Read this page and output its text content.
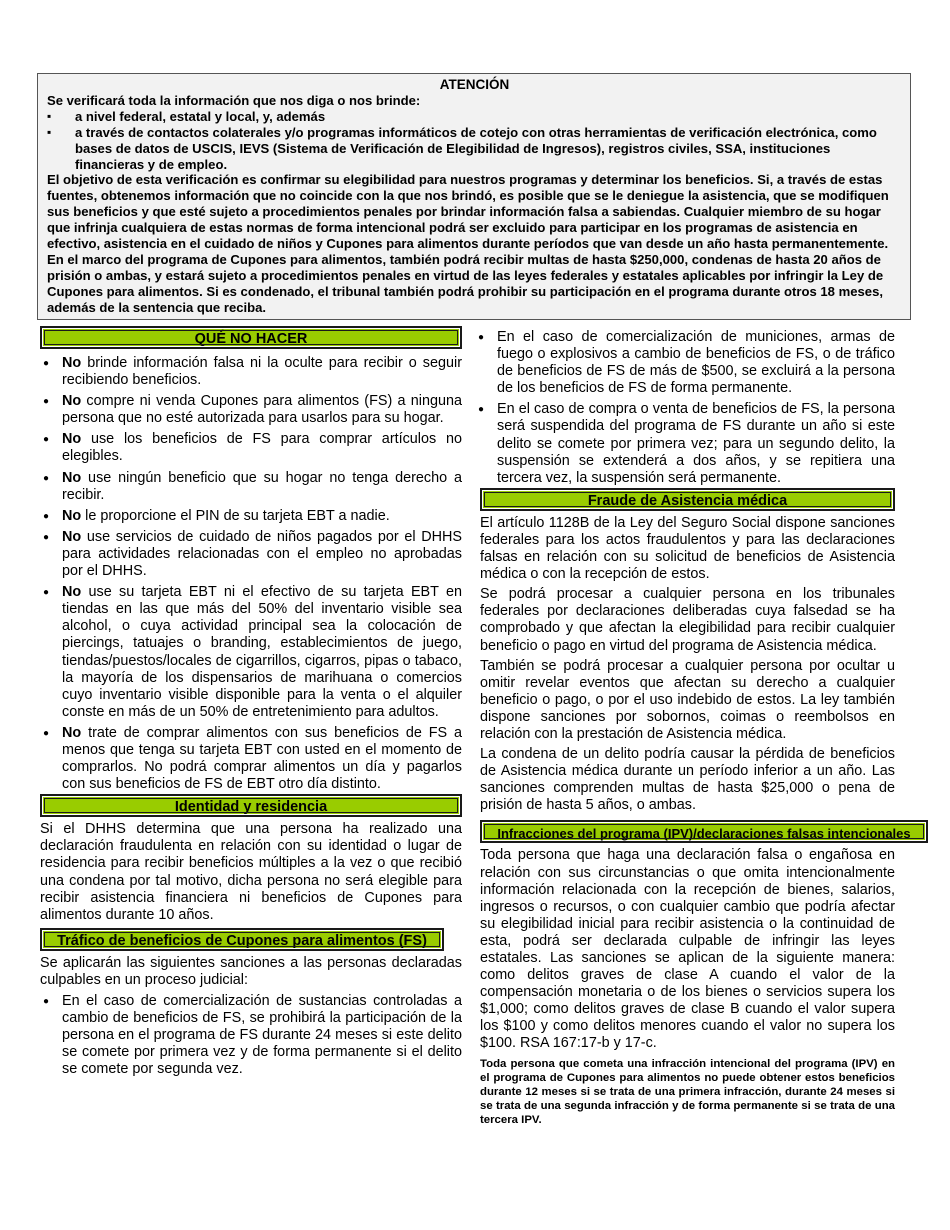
ATENCIÓN
Se verificará toda la información que nos diga o nos brinde:
▪ a nivel federal, estatal y local, y, además
▪ a través de contactos colaterales y/o programas informáticos de cotejo con otras herramientas de verificación electrónica, como bases de datos de USCIS, IEVS (Sistema de Verificación de Elegibilidad de Ingresos), registros civiles, SSA, instituciones financieras y de empleo.

El objetivo de esta verificación es confirmar su elegibilidad para nuestros programas y determinar los beneficios. Si, a través de estas fuentes, obtenemos información que no coincide con la que nos brindó, es posible que se le deniegue la asistencia, que se modifiquen sus beneficios y que esté sujeto a procedimientos penales por brindar información falsa a sabiendas. Cualquier miembro de su hogar que infrinja cualquiera de estas normas de forma intencional podrá ser excluido para participar en los programas de asistencia en efectivo, asistencia en el cuidado de niños y Cupones para alimentos durante períodos que van desde un año hasta permanentemente. En el marco del programa de Cupones para alimentos, también podrá recibir multas de hasta $250,000, condenas de hasta 20 años de prisión o ambas, y estará sujeto a procedimientos penales en virtud de las leyes federales y estatales aplicables por infringir la Ley de Cupones para alimentos. Si es condenado, el tribunal también podrá prohibir su participación en el programa durante otros 18 meses, además de la sentencia que reciba.

QUÉ NO HACER
● No brinde información falsa ni la oculte para recibir o seguir recibiendo beneficios.
● No compre ni venda Cupones para alimentos (FS) a ninguna persona que no esté autorizada para usarlos para su hogar.
● No use los beneficios de FS para comprar artículos no elegibles.
● No use ningún beneficio que su hogar no tenga derecho a recibir.
● No le proporcione el PIN de su tarjeta EBT a nadie.
● No use servicios de cuidado de niños pagados por el DHHS para actividades relacionadas con el empleo no aprobadas por el DHHS.
● No use su tarjeta EBT ni el efectivo de su tarjeta EBT en tiendas en las que más del 50% del inventario visible sea alcohol, o cuya actividad principal sea la colocación de piercings, tatuajes o branding, establecimientos de juego, tiendas/puestos/locales de cigarrillos, cigarros, pipas o tabaco, la mayoría de los dispensarios de marihuana o comercios cuyo inventario visible disponible para la venta o el alquiler conste en más de un 50% de entretenimiento para adultos.
● No trate de comprar alimentos con sus beneficios de FS a menos que tenga su tarjeta EBT con usted en el momento de comprarlos. No podrá comprar alimentos un día y pagarlos con sus beneficios de FS de EBT otro día distinto.
Identidad y residencia

Si el DHHS determina que una persona ha realizado una declaración fraudulenta en relación con su identidad o lugar de residencia para recibir beneficios múltiples a la vez o que recibió una condena por tal motivo, dicha persona no será elegible para recibir asistencia financiera ni beneficios de Cupones para alimentos durante 10 años.

Tráfico de beneficios de Cupones para alimentos (FS)

Se aplicarán las siguientes sanciones a las personas declaradas culpables en un proceso judicial:

● En el caso de comercialización de sustancias controladas a cambio de beneficios de FS, se prohibirá la participación de la persona en el programa de FS durante 24 meses si este delito se comete por primera vez y de forma permanente si el delito se comete por segunda vez.
● En el caso de comercialización de municiones, armas de fuego o explosivos a cambio de beneficios de FS, o de tráfico de beneficios de FS de más de $500, se excluirá a la persona de los beneficios de FS de forma permanente.
● En el caso de compra o venta de beneficios de FS, la persona será suspendida del programa de FS durante un año si este delito se comete por primera vez; para un segundo delito, la suspensión se extenderá a dos años, y se repitiera una tercera vez, la suspensión será permanente.
Fraude de Asistencia médica

El artículo 1128B de la Ley del Seguro Social dispone sanciones federales para los actos fraudulentos y para las declaraciones falsas en relación con su solicitud de beneficios de Asistencia médica o con la recepción de estos.

Se podrá procesar a cualquier persona en los tribunales federales por declaraciones deliberadas cuya falsedad se ha comprobado y que afectan la elegibilidad para recibir cualquier beneficio o pago en virtud del programa de Asistencia médica.

También se podrá procesar a cualquier persona por ocultar u omitir revelar eventos que afectan su derecho a cualquier beneficio o pago, o por el uso indebido de estos. La ley también dispone sanciones por sobornos, coimas o reembolsos en relación con la prestación de Asistencia médica.

La condena de un delito podría causar la pérdida de beneficios de Asistencia médica durante un período inferior a un año. Las sanciones comprenden multas de hasta $25,000 o pena de prisión de hasta 5 años, o ambas.

Infracciones del programa (IPV)/declaraciones falsas intencionales

Toda persona que haga una declaración falsa o engañosa en relación con sus circunstancias o que omita intencionalmente información relacionada con la recepción de bienes, salarios, ingresos o recursos, o con cualquier cambio que podría afectar su elegibilidad inicial para recibir asistencia o la continuidad de esta, podrá ser declarada culpable de infringir las leyes estatales. Las sanciones se aplican de la siguiente manera: como delitos graves de clase A cuando el valor de la compensación monetaria o de los bienes o servicios supera los $1,000; como delitos graves de clase B cuando el valor supera los $100 y como delitos menores cuando el valor no supera los $100. RSA 167:17-b y 17-c.

Toda persona que cometa una infracción intencional del programa (IPV) en el programa de Cupones para alimentos no puede obtener estos beneficios durante 12 meses si se trata de una primera infracción, durante 24 meses si se trata de una segunda infracción y de forma permanente si se trata de una tercera IPV.
